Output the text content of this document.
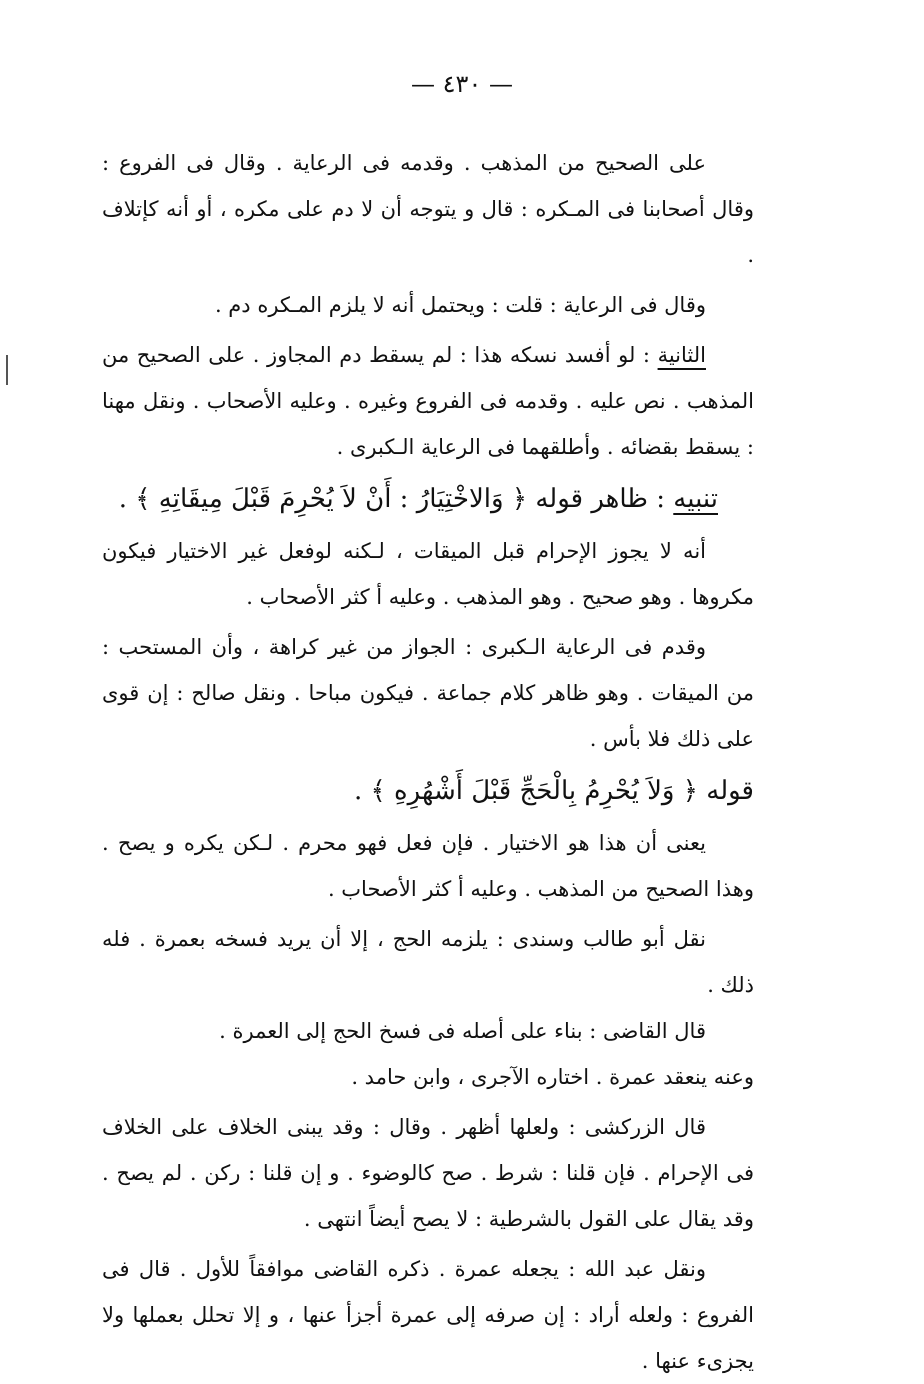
— ٤٣٠ —

على الصحيح من المذهب . وقدمه فى الرعاية . وقال فى الفروع : وقال أصحابنا فى المـكره : قال و يتوجه أن لا دم على مكره ، أو أنه كإتلاف .

وقال فى الرعاية : قلت : ويحتمل أنه لا يلزم المـكره دم .

الثانية : لو أفسد نسكه هذا : لم يسقط دم المجاوز . على الصحيح من المذهب . نص عليه . وقدمه فى الفروع وغيره . وعليه الأصحاب . ونقل مهنا : يسقط بقضائه . وأطلقهما فى الرعاية الـكبرى .

تنبيه : ظاهر قوله ﴿ وَالاخْتِيَارُ : أَنْ لاَ يُحْرِمَ قَبْلَ مِيقَاتِهِ ﴾ .

أنه لا يجوز الإحرام قبل الميقات ، لـكنه لوفعل غير الاختيار فيكون مكروها . وهو صحيح . وهو المذهب . وعليه أ كثر الأصحاب .

وقدم فى الرعاية الـكبرى : الجواز من غير كراهة ، وأن المستحب : من الميقات . وهو ظاهر كلام جماعة . فيكون مباحا . ونقل صالح : إن قوى على ذلك فلا بأس .

قوله ﴿ وَلاَ يُحْرِمُ بِالْحَجِّ قَبْلَ أَشْهُرِهِ ﴾ .

يعنى أن هذا هو الاختيار . فإن فعل فهو محرم . لـكن يكره و يصح . وهذا الصحيح من المذهب . وعليه أ كثر الأصحاب .

نقل أبو طالب وسندى : يلزمه الحج ، إلا أن يريد فسخه بعمرة . فله ذلك .

قال القاضى : بناء على أصله فى فسخ الحج إلى العمرة .

وعنه ينعقد عمرة . اختاره الآجرى ، وابن حامد .

قال الزركشى : ولعلها أظهر . وقال : وقد يبنى الخلاف على الخلاف فى الإحرام . فإن قلنا : شرط . صح كالوضوء . و إن قلنا : ركن . لم يصح . وقد يقال على القول بالشرطية : لا يصح أيضاً انتهى .

ونقل عبد الله : يجعله عمرة . ذكره القاضى موافقاً للأول . قال فى الفروع : ولعله أراد : إن صرفه إلى عمرة أجزأ عنها ، و إلا تحلل بعملها ولا يجزىء عنها .
